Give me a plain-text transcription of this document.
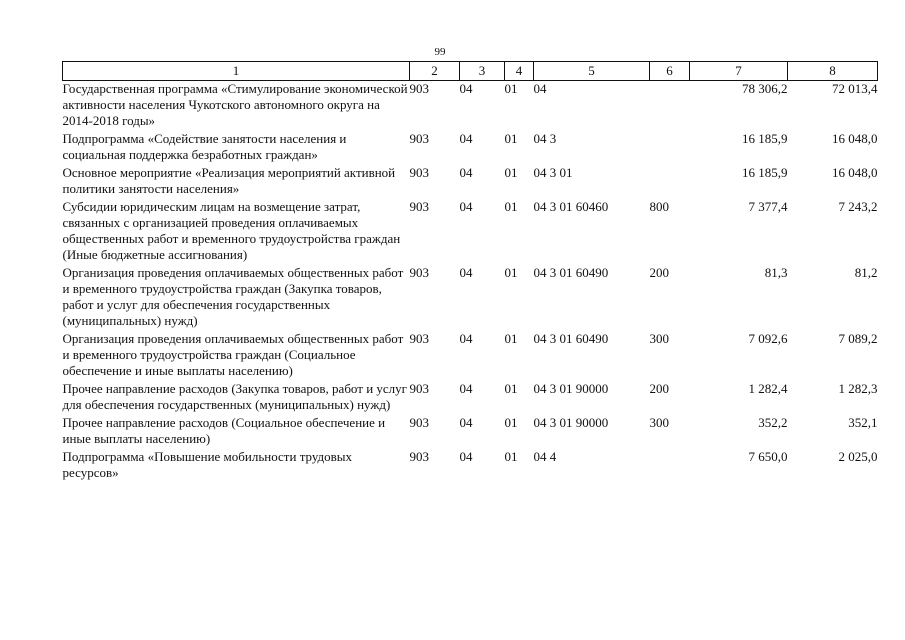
99
1	2	3	4	5	6	7	8
Государственная программа «Стимулирование экономической активности населения Чукотского автономного округа на 2014-2018 годы»	903	04	01	04		78 306,2	72 013,4
Подпрограмма «Содействие занятости населения и социальная поддержка безработных граждан»	903	04	01	04 3		16 185,9	16 048,0
Основное мероприятие «Реализация мероприятий активной политики занятости населения»	903	04	01	04 3 01		16 185,9	16 048,0
Субсидии юридическим лицам на возмещение затрат, связанных с организацией проведения оплачиваемых общественных работ и временного трудоустройства граждан (Иные бюджетные ассигнования)	903	04	01	04 3 01 60460	800	7 377,4	7 243,2
Организация проведения оплачиваемых общественных работ и временного трудоустройства граждан (Закупка товаров, работ и услуг для обеспечения государственных (муниципальных) нужд)	903	04	01	04 3 01 60490	200	81,3	81,2
Организация проведения оплачиваемых общественных работ и временного трудоустройства граждан (Социальное обеспечение и иные выплаты населению)	903	04	01	04 3 01 60490	300	7 092,6	7 089,2
Прочее направление расходов (Закупка товаров, работ и услуг для обеспечения государственных (муниципальных) нужд)	903	04	01	04 3 01 90000	200	1 282,4	1 282,3
Прочее направление расходов (Социальное обеспечение и иные выплаты населению)	903	04	01	04 3 01 90000	300	352,2	352,1
Подпрограмма «Повышение мобильности трудовых ресурсов»	903	04	01	04 4		7 650,0	2 025,0
